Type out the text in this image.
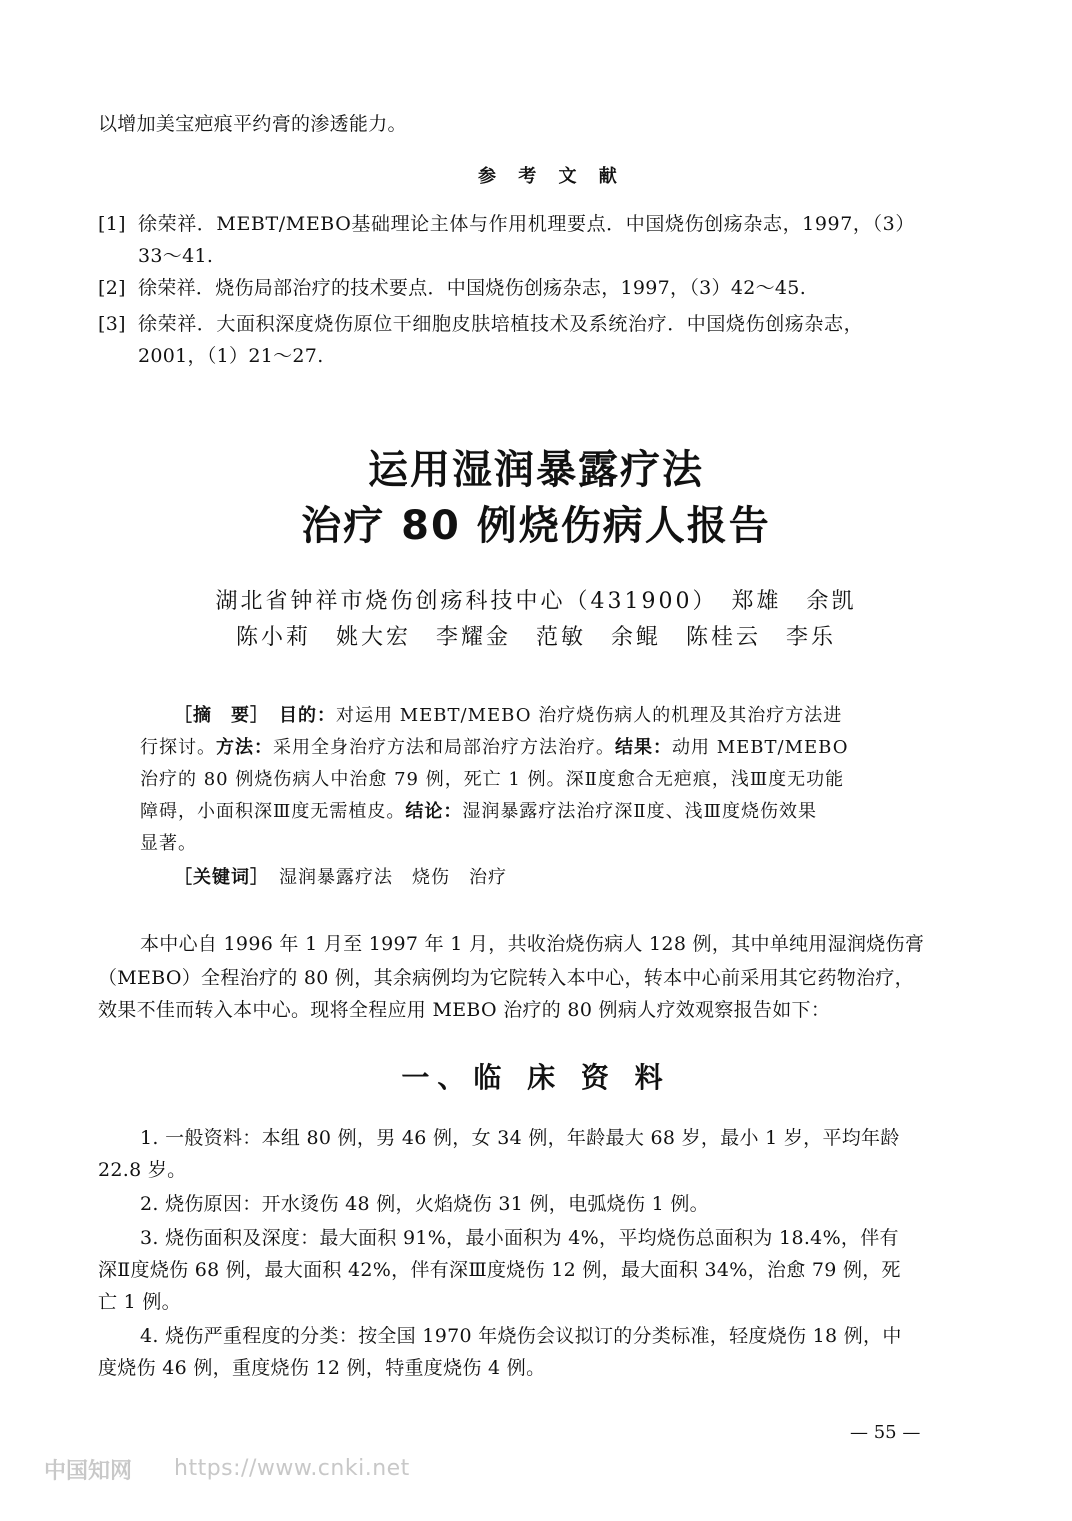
以增加美宝疤痕平约膏的渗透能力。
参 考 文 献
[1] 徐荣祥．MEBT/MEBO基础理论主体与作用机理要点．中国烧伤创疡杂志，1997，（3）
33～41.
[2] 徐荣祥．烧伤局部治疗的技术要点．中国烧伤创疡杂志，1997，（3）42～45.
[3] 徐荣祥．大面积深度烧伤原位干细胞皮肤培植技术及系统治疗．中国烧伤创疡杂志，
2001，（1）21～27.
运用湿润暴露疗法
治疗 80 例烧伤病人报告
湖北省钟祥市烧伤创疡科技中心（431900）　郑雄　余凯
陈小莉　姚大宏　李耀金　范敏　余鲲　陈桂云　李乐
［摘　要］　 目的：对运用 MEBT/MEBO 治疗烧伤病人的机理及其治疗方法进
行探讨。方法：采用全身治疗方法和局部治疗方法治疗。结果：动用 MEBT/MEBO
治疗的 80 例烧伤病人中治愈 79 例，死亡 1 例。深Ⅱ度愈合无疤痕，浅Ⅲ度无功能
障碍，小面积深Ⅲ度无需植皮。结论：湿润暴露疗法治疗深Ⅱ度、浅Ⅲ度烧伤效果
显著。
［关键词］　 湿润暴露疗法　烧伤　治疗
本中心自 1996 年 1 月至 1997 年 1 月，共收治烧伤病人 128 例，其中单纯用湿润烧伤膏
（MEBO）全程治疗的 80 例，其余病例均为它院转入本中心，转本中心前采用其它药物治疗，
效果不佳而转入本中心。现将全程应用 MEBO 治疗的 80 例病人疗效观察报告如下：
一、临 床 资 料
1. 一般资料：本组 80 例，男 46 例，女 34 例，年龄最大 68 岁，最小 1 岁，平均年龄
22.8 岁。
2. 烧伤原因：开水烫伤 48 例，火焰烧伤 31 例，电弧烧伤 1 例。
3. 烧伤面积及深度：最大面积 91%，最小面积为 4%，平均烧伤总面积为 18.4%，伴有
深Ⅱ度烧伤 68 例，最大面积 42%，伴有深Ⅲ度烧伤 12 例，最大面积 34%，治愈 79 例，死
亡 1 例。
4. 烧伤严重程度的分类：按全国 1970 年烧伤会议拟订的分类标准，轻度烧伤 18 例，中
度烧伤 46 例，重度烧伤 12 例，特重度烧伤 4 例。
— 55 —
中国知网 https://www.cnki.net
